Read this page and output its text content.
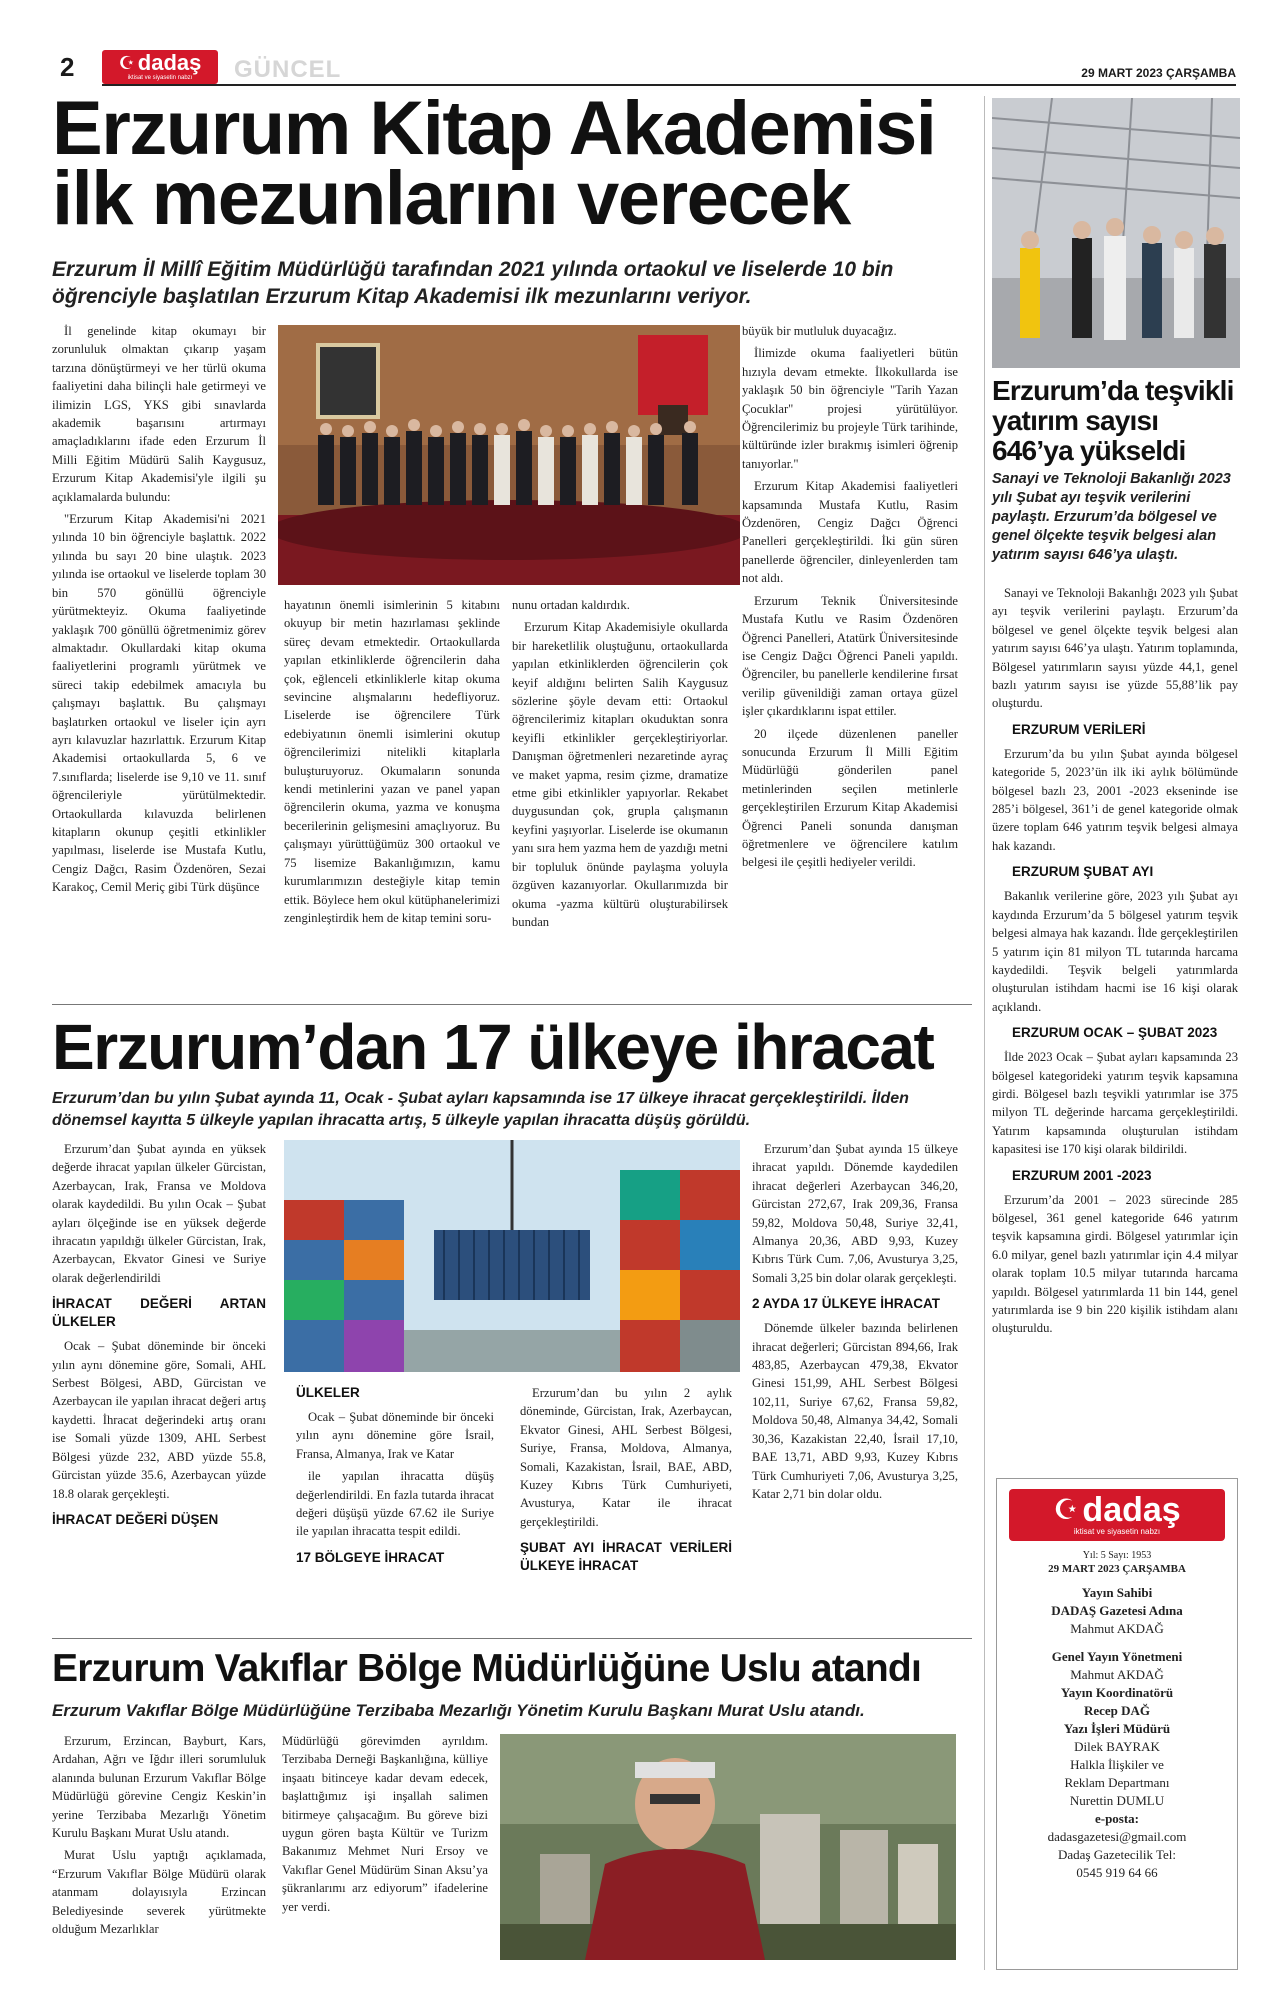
2 ☪ dadaş
iktisat ve siyasetin nabzı GÜNCEL	29 MART 2023 ÇARŞAMBA
Erzurum Kitap Akademisi
ilk mezunlarını verecek
Erzurum İl Millî Eğitim Müdürlüğü tarafından 2021 yılında ortaokul ve liselerde 10 bin öğrenciyle başlatılan Erzurum Kitap Akademisi ilk mezunlarını veriyor.

İl genelinde kitap okumayı bir zorunluluk olmaktan çıkarıp yaşam tarzına dönüştürmeyi ve her türlü okuma faaliyetini daha bilinçli hale getirmeyi ve ilimizin LGS, YKS gibi sınavlarda akademik başarısını artırmayı amaçladıklarını ifade eden Erzurum İl Milli Eğitim Müdürü Salih Kaygusuz, Erzurum Kitap Akademisi'yle ilgili şu açıklamalarda bulundu:

"Erzurum Kitap Akademisi'ni 2021 yılında 10 bin öğrenciyle başlattık. 2022 yılında bu sayı 20 bine ulaştık. 2023 yılında ise ortaokul ve liselerde toplam 30 bin 570 gönüllü öğrenciyle yürütmekteyiz. Okuma faaliyetinde yaklaşık 700 gönüllü öğretmenimiz görev almaktadır. Okullardaki kitap okuma faaliyetlerini programlı yürütmek ve süreci takip edebilmek amacıyla bu çalışmayı başlattık. Bu çalışmayı başlatırken ortaokul ve liseler için ayrı ayrı kılavuzlar hazırlattık. Erzurum Kitap Akademisi ortaokullarda 5, 6 ve 7.sınıflarda; liselerde ise 9,10 ve 11. sınıf öğrencileriyle yürütülmektedir. Ortaokullarda kılavuzda belirlenen kitapların okunup çeşitli etkinlikler yapılması, liselerde ise Mustafa Kutlu, Cengiz Dağcı, Rasim Özdenören, Sezai Karakoç, Cemil Meriç gibi Türk düşünce

hayatının önemli isimlerinin 5 kitabını okuyup bir metin hazırlaması şeklinde süreç devam etmektedir. Ortaokullarda yapılan etkinliklerde öğrencilerin daha çok, eğlenceli etkinliklerle kitap okuma sevincine alışmalarını hedefliyoruz. Liselerde ise öğrencilere Türk edebiyatının önemli isimlerini okutup öğrencilerimizi nitelikli kitaplarla buluşturuyoruz. Okumaların sonunda kendi metinlerini yazan ve panel yapan öğrencilerin okuma, yazma ve konuşma becerilerinin gelişmesini amaçlıyoruz. Bu çalışmayı yürüttüğümüz 300 ortaokul ve 75 lisemize Bakanlığımızın, kamu kurumlarımızın desteğiyle kitap temin ettik. Böylece hem okul kütüphanelerimizi zenginleştirdik hem de kitap temini soru-

nunu ortadan kaldırdık.

Erzurum Kitap Akademisiyle okullarda bir hareketlilik oluştuğunu, ortaokullarda yapılan etkinliklerden öğrencilerin çok keyif aldığını belirten Salih Kaygusuz sözlerine şöyle devam etti: Ortaokul öğrencilerimiz kitapları okuduktan sonra keyifli etkinlikler gerçekleştiriyorlar. Danışman öğretmenleri nezaretinde ayraç ve maket yapma, resim çizme, dramatize etme gibi etkinlikler yapıyorlar. Rekabet duygusundan çok, grupla çalışmanın keyfini yaşıyorlar. Liselerde ise okumanın yanı sıra hem yazma hem de yazdığı metni bir topluluk önünde paylaşma yoluyla özgüven kazanıyorlar. Okullarımızda bir okuma -yazma kültürü oluşturabilirsek bundan

büyük bir mutluluk duyacağız.

İlimizde okuma faaliyetleri bütün hızıyla devam etmekte. İlkokullarda ise yaklaşık 50 bin öğrenciyle "Tarih Yazan Çocuklar" projesi yürütülüyor. Öğrencilerimiz bu projeyle Türk tarihinde, kültüründe izler bırakmış isimleri öğrenip tanıyorlar."

Erzurum Kitap Akademisi faaliyetleri kapsamında Mustafa Kutlu, Rasim Özdenören, Cengiz Dağcı Öğrenci Panelleri gerçekleştirildi. İki gün süren panellerde öğrenciler, dinleyenlerden tam not aldı.

Erzurum Teknik Üniversitesinde Mustafa Kutlu ve Rasim Özdenören Öğrenci Panelleri, Atatürk Üniversitesinde ise Cengiz Dağcı Öğrenci Paneli yapıldı. Öğrenciler, bu panellerle kendilerine fırsat verilip güvenildiği zaman ortaya güzel işler çıkardıklarını ispat ettiler.

20 ilçede düzenlenen paneller sonucunda Erzurum İl Milli Eğitim Müdürlüğü gönderilen panel metinlerinden seçilen metinlerle gerçekleştirilen Erzurum Kitap Akademisi Öğrenci Paneli sonunda danışman öğretmenlere ve öğrencilere katılım belgesi ile çeşitli hediyeler verildi.

Erzurum’dan 17 ülkeye ihracat
Erzurum’dan bu yılın Şubat ayında 11, Ocak - Şubat ayları kapsamında ise 17 ülkeye ihracat gerçekleştirildi. İlden dönemsel kayıtta 5 ülkeyle yapılan ihracatta artış, 5 ülkeyle yapılan ihracatta düşüş görüldü.

Erzurum’dan Şubat ayında en yüksek değerde ihracat yapılan ülkeler Gürcistan, Azerbaycan, Irak, Fransa ve Moldova olarak kaydedildi. Bu yılın Ocak – Şubat ayları ölçeğinde ise en yüksek değerde ihracatın yapıldığı ülkeler Gürcistan, Irak, Azerbaycan, Ekvator Ginesi ve Suriye olarak değerlendirildi

İHRACAT DEĞERİ ARTAN ÜLKELER

Ocak – Şubat döneminde bir önceki yılın aynı dönemine göre, Somali, AHL Serbest Bölgesi, ABD, Gürcistan ve Azerbaycan ile yapılan ihracat değeri artış kaydetti. İhracat değerindeki artış oranı ise Somali yüzde 1309, AHL Serbest Bölgesi yüzde 232, ABD yüzde 55.8, Gürcistan yüzde 35.6, Azerbaycan yüzde 18.8 olarak gerçekleşti.

İHRACAT DEĞERİ DÜŞEN
ÜLKELER

Ocak – Şubat döneminde bir önceki yılın aynı dönemine göre İsrail, Fransa, Almanya, Irak ve Katar

ile yapılan ihracatta düşüş değerlendirildi. En fazla tutarda ihracat değeri düşüşü yüzde 67.62 ile Suriye ile yapılan ihracatta tespit edildi.

17 BÖLGEYE İHRACAT

Erzurum’dan bu yılın 2 aylık döneminde, Gürcistan, Irak, Azerbaycan, Ekvator Ginesi, AHL Serbest Bölgesi, Suriye, Fransa, Moldova, Almanya, Somali, Kazakistan, İsrail, BAE, ABD, Kuzey Kıbrıs Türk Cumhuriyeti, Avusturya, Katar ile ihracat gerçekleştirildi.

ŞUBAT AYI İHRACAT VERİLERİ ÜLKEYE İHRACAT

Erzurum’dan Şubat ayında 15 ülkeye ihracat yapıldı. Dönemde kaydedilen ihracat değerleri Azerbaycan 346,20, Gürcistan 272,67, Irak 209,36, Fransa 59,82, Moldova 50,48, Suriye 32,41, Almanya 20,36, ABD 9,93, Kuzey Kıbrıs Türk Cum. 7,06, Avusturya 3,25, Somali 3,25 bin dolar olarak gerçekleşti.

2 AYDA 17 ÜLKEYE İHRACAT

Dönemde ülkeler bazında belirlenen ihracat değerleri; Gürcistan 894,66, Irak 483,85, Azerbaycan 479,38, Ekvator Ginesi 151,99, AHL Serbest Bölgesi 102,11, Suriye 67,62, Fransa 59,82, Moldova 50,48, Almanya 34,42, Somali 30,36, Kazakistan 22,40, İsrail 17,10, BAE 13,71, ABD 9,93, Kuzey Kıbrıs Türk Cumhuriyeti 7,06, Avusturya 3,25, Katar 2,71 bin dolar oldu.

Erzurum Vakıflar Bölge Müdürlüğüne Uslu atandı
Erzurum Vakıflar Bölge Müdürlüğüne Terzibaba Mezarlığı Yönetim Kurulu Başkanı Murat Uslu atandı.

Erzurum, Erzincan, Bayburt, Kars, Ardahan, Ağrı ve Iğdır illeri sorumluluk alanında bulunan Erzurum Vakıflar Bölge Müdürlüğü görevine Cengiz Keskin’in yerine Terzibaba Mezarlığı Yönetim Kurulu Başkanı Murat Uslu atandı.

Murat Uslu yaptığı açıklamada, “Erzurum Vakıflar Bölge Müdürü olarak atanmam dolayısıyla Erzincan Belediyesinde severek yürütmekte olduğum Mezarlıklar

Müdürlüğü görevimden ayrıldım. Terzibaba Derneği Başkanlığına, külliye inşaatı bitinceye kadar devam edecek, başlattığımız işi inşallah salimen bitirmeye çalışacağım. Bu göreve bizi uygun gören başta Kültür ve Turizm Bakanımız Mehmet Nuri Ersoy ve Vakıflar Genel Müdürüm Sinan Aksu’ya şükranlarımı arz ediyorum” ifadelerine yer verdi.

Erzurum’da teşvikli yatırım sayısı 646’ya yükseldi
Sanayi ve Teknoloji Bakanlığı 2023 yılı Şubat ayı teşvik verilerini paylaştı. Erzurum’da bölgesel ve genel ölçekte teşvik belgesi alan yatırım sayısı 646’ya ulaştı.

Sanayi ve Teknoloji Bakanlığı 2023 yılı Şubat ayı teşvik verilerini paylaştı. Erzurum’da bölgesel ve genel ölçekte teşvik belgesi alan yatırım sayısı 646’ya ulaştı. Yatırım toplamında, Bölgesel yatırımların sayısı yüzde 44,1, genel bazlı yatırım sayısı ise yüzde 55,88’lik pay oluşturdu.

ERZURUM VERİLERİ

Erzurum’da bu yılın Şubat ayında bölgesel kategoride 5, 2023’ün ilk iki aylık bölümünde bölgesel bazlı 23, 2001 -2023 ekseninde ise 285’i bölgesel, 361’i de genel kategoride olmak üzere toplam 646 yatırım teşvik belgesi almaya hak kazandı.

ERZURUM ŞUBAT AYI

Bakanlık verilerine göre, 2023 yılı Şubat ayı kaydında Erzurum’da 5 bölgesel yatırım teşvik belgesi almaya hak kazandı. İlde gerçekleştirilen 5 yatırım için 81 milyon TL tutarında harcama kaydedildi. Teşvik belgeli yatırımlarda oluşturulan istihdam hacmi ise 16 kişi olarak açıklandı.

ERZURUM OCAK – ŞUBAT 2023

İlde 2023 Ocak – Şubat ayları kapsamında 23 bölgesel kategorideki yatırım teşvik kapsamına girdi. Bölgesel bazlı teşvikli yatırımlar ise 375 milyon TL değerinde harcama gerçekleştirildi. Yatırım kapsamında oluşturulan istihdam kapasitesi ise 170 kişi olarak bildirildi.

ERZURUM 2001 -2023

Erzurum’da 2001 – 2023 sürecinde 285 bölgesel, 361 genel kategoride 646 yatırım teşvik kapsamına girdi. Bölgesel yatırımlar için 6.0 milyar, genel bazlı yatırımlar için 4.4 milyar olarak toplam 10.5 milyar tutarında harcama yapıldı. Bölgesel yatırımlarda 11 bin 144, genel yatırımlarda ise 9 bin 220 kişilik istihdam alanı oluşturuldu.

☪ dadaş
iktisat ve siyasetin nabzı
Yıl: 5 Sayı: 1953
29 MART 2023 ÇARŞAMBA
Yayın Sahibi
DADAŞ Gazetesi Adına
Mahmut AKDAĞ
Genel Yayın Yönetmeni
Mahmut AKDAĞ
Yayın Koordinatörü
Recep DAĞ
Yazı İşleri Müdürü
Dilek BAYRAK
Halkla İlişkiler ve
Reklam Departmanı
Nurettin DUMLU
e-posta:
dadasgazetesi@gmail.com
Dadaş Gazetecilik Tel:
0545 919 64 66
